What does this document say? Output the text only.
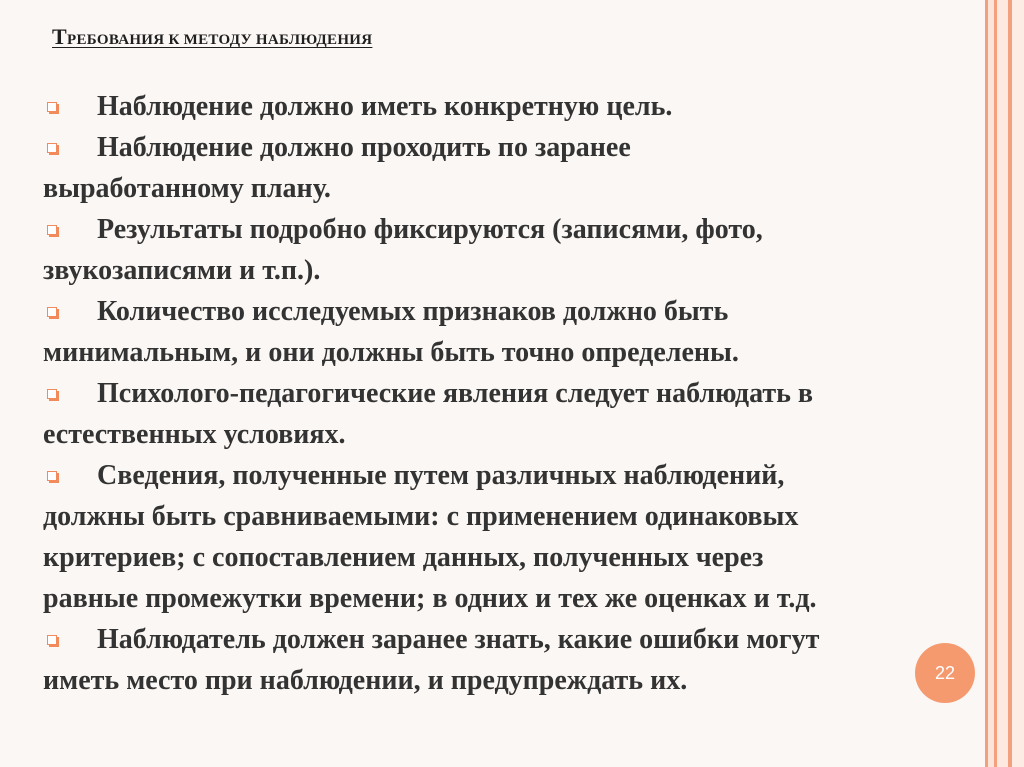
ТРЕБОВАНИЯ К МЕТОДУ НАБЛЮДЕНИЯ
Наблюдение должно иметь конкретную цель.
Наблюдение должно проходить по заранее
выработанному плану.
Результаты подробно фиксируются (записями, фото,
звукозаписями и т.п.).
Количество исследуемых признаков должно быть
минимальным, и они должны быть точно определены.
Психолого-педагогические явления следует наблюдать в
естественных условиях.
Сведения, полученные путем различных наблюдений,
должны быть сравниваемыми: с применением одинаковых
критериев; с сопоставлением данных, полученных через
равные промежутки времени; в одних и тех же оценках и т.д.
Наблюдатель должен заранее знать, какие ошибки могут
иметь место при наблюдении, и предупреждать их.	22
